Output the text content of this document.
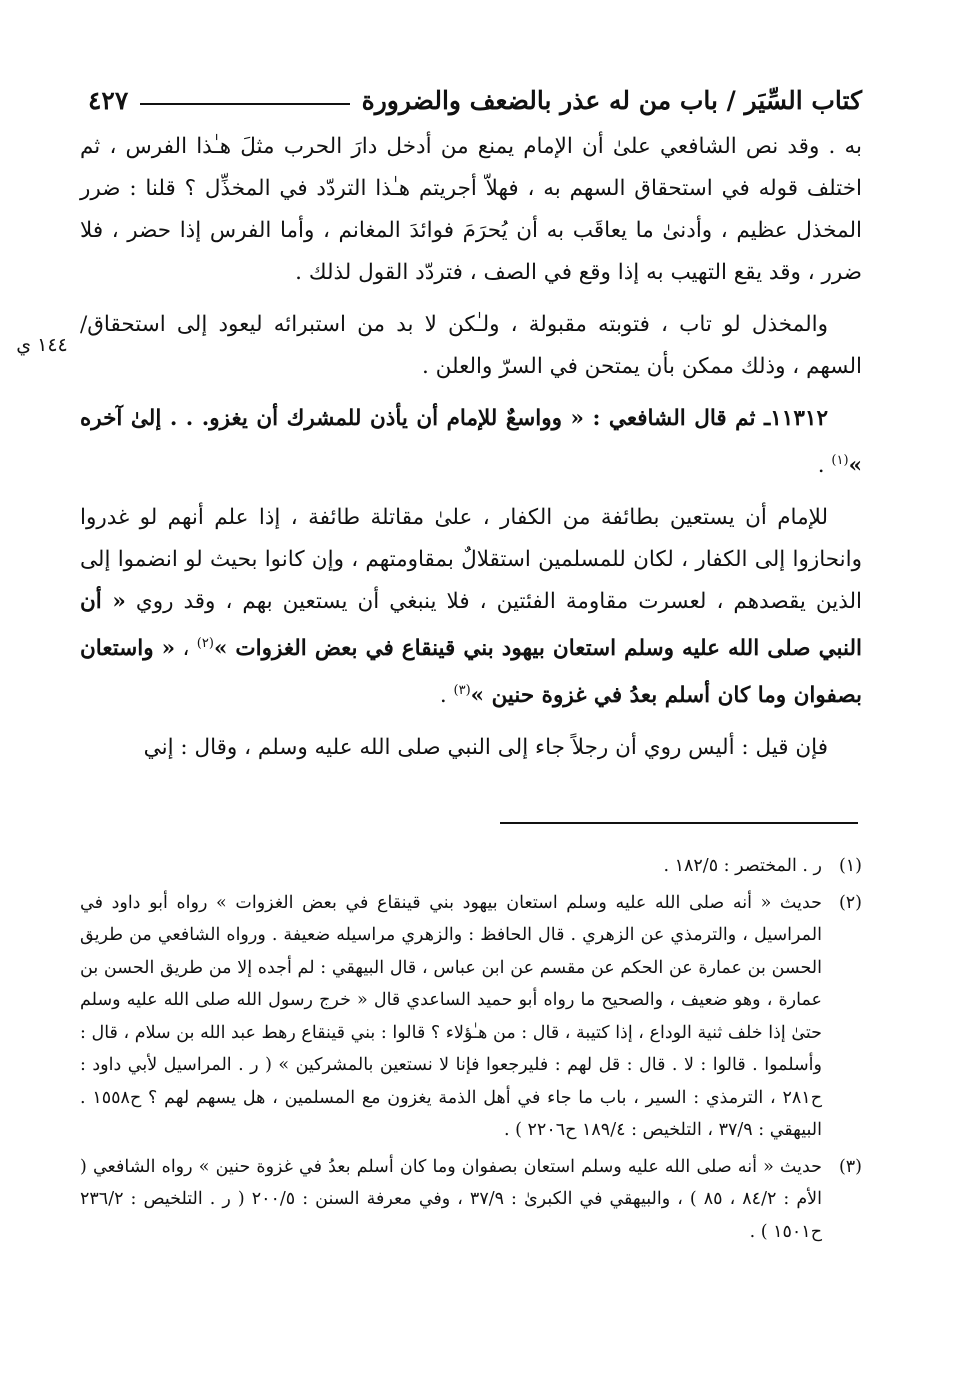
كتاب السِّيَر / باب من له عذر بالضعف والضرورة
٤٢٧
١٤٤ ي

به . وقد نص الشافعي علىٰ أن الإمام يمنع من أدخل دارَ الحرب مثلَ هـٰذا الفرس ، ثم اختلف قوله في استحقاق السهم به ، فهلاّ أجريتم هـٰذا التردّد في المخذِّل ؟ قلنا : ضرر المخذل عظيم ، وأدنىٰ ما يعاقَب به أن يُحرَمَ فوائدَ المغانم ، وأما الفرس إذا حضر ، فلا ضرر ، وقد يقع التهيب به إذا وقع في الصف ، فتردّد القول لذلك .

والمخذل لو تاب ، فتوبته مقبولة ، ولـٰكن لا بد من استبرائه ليعود إلى استحقاق/ السهم ، وذلك ممكن بأن يمتحن في السرّ والعلن .

١١٣١٢ـ ثم قال الشافعي : « وواسعٌ للإمام أن يأذن للمشرك أن يغزو. . . إلىٰ آخره »$^{(١)}$ .

للإمام أن يستعين بطائفة من الكفار ، علىٰ مقاتلة طائفة ، إذا علم أنهم لو غدروا وانحازوا إلى الكفار ، لكان للمسلمين استقلالٌ بمقاومتهم ، وإن كانوا بحيث لو انضموا إلى الذين يقصدهم ، لعسرت مقاومة الفئتين ، فلا ينبغي أن يستعين بهم ، وقد روي « أن النبي صلى الله عليه وسلم استعان بيهود بني قينقاع في بعض الغزوات »$^{(٢)}$ ، « واستعان بصفوان وما كان أسلم بعدُ في غزوة حنين »$^{(٣)}$ .

فإن قيل : أليس روي أن رجلاً جاء إلى النبي صلى الله عليه وسلم ، وقال : إني

(١)
ر . المختصر : ١٨٢/٥ .
(٢)
حديث « أنه صلى الله عليه وسلم استعان بيهود بني قينقاع في بعض الغزوات » رواه أبو داود في المراسيل ، والترمذي عن الزهري . قال الحافظ : والزهري مراسيله ضعيفة . ورواه الشافعي من طريق الحسن بن عمارة عن الحكم عن مقسم عن ابن عباس ، قال البيهقي : لم أجده إلا من طريق الحسن بن عمارة ، وهو ضعيف ، والصحيح ما رواه أبو حميد الساعدي قال « خرج رسول الله صلى الله عليه وسلم حتىٰ إذا خلف ثنية الوداع ، إذا كتيبة ، قال : من هـٰؤلاء ؟ قالوا : بني قينقاع رهط عبد الله بن سلام ، قال : وأسلموا . قالوا : لا . قال : قل لهم : فليرجعوا فإنا لا نستعين بالمشركين » ( ر . المراسيل لأبي داود : ح٢٨١ ، الترمذي : السير ، باب ما جاء في أهل الذمة يغزون مع المسلمين ، هل يسهم لهم ؟ ح١٥٥٨ . البيهقي : ٣٧/٩ ، التلخيص : ١٨٩/٤ ح٢٢٠٦ ) .
(٣)
حديث « أنه صلى الله عليه وسلم استعان بصفوان وما كان أسلم بعدُ في غزوة حنين » رواه الشافعي ( الأم : ٨٤/٢ ، ٨٥ ) ، والبيهقي في الكبرىٰ : ٣٧/٩ ، وفي معرفة السنن : ٢٠٠/٥ ( ر . التلخيص : ٢٣٦/٢ ح١٥٠١ ) .
